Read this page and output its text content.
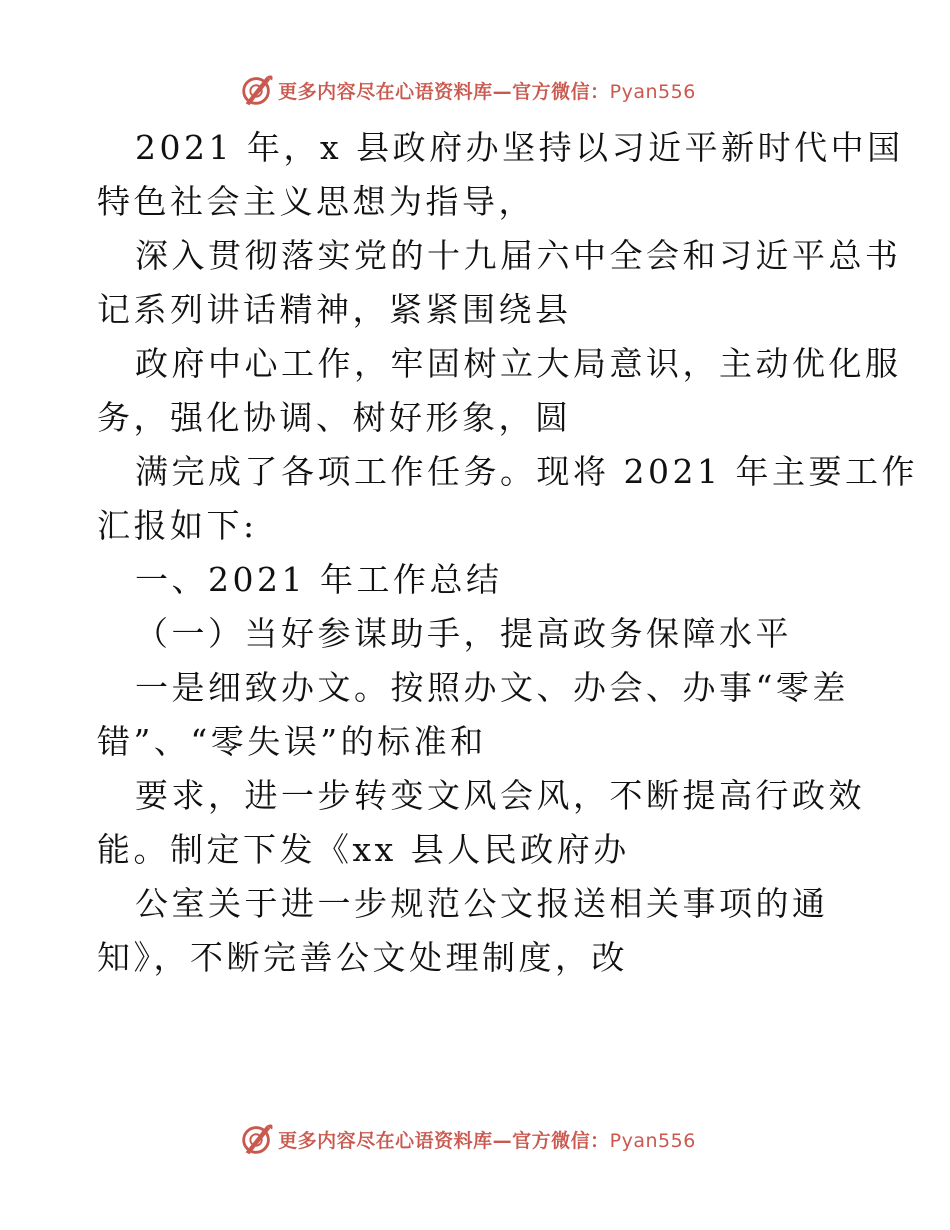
更多内容尽在心语资料库—官方微信：Pyan556
2021 年，x 县政府办坚持以习近平新时代中国
特色社会主义思想为指导，
深入贯彻落实党的十九届六中全会和习近平总书
记系列讲话精神，紧紧围绕县
政府中心工作，牢固树立大局意识，主动优化服
务，强化协调、树好形象，圆
满完成了各项工作任务。现将 2021 年主要工作
汇报如下:
一、2021 年工作总结
（一）当好参谋助手，提高政务保障水平
一是细致办文。按照办文、办会、办事“零差
错”、“零失误”的标准和
要求，进一步转变文风会风，不断提高行政效
能。制定下发《xx 县人民政府办
公室关于进一步规范公文报送相关事项的通
知》，不断完善公文处理制度，改
更多内容尽在心语资料库—官方微信：Pyan556
